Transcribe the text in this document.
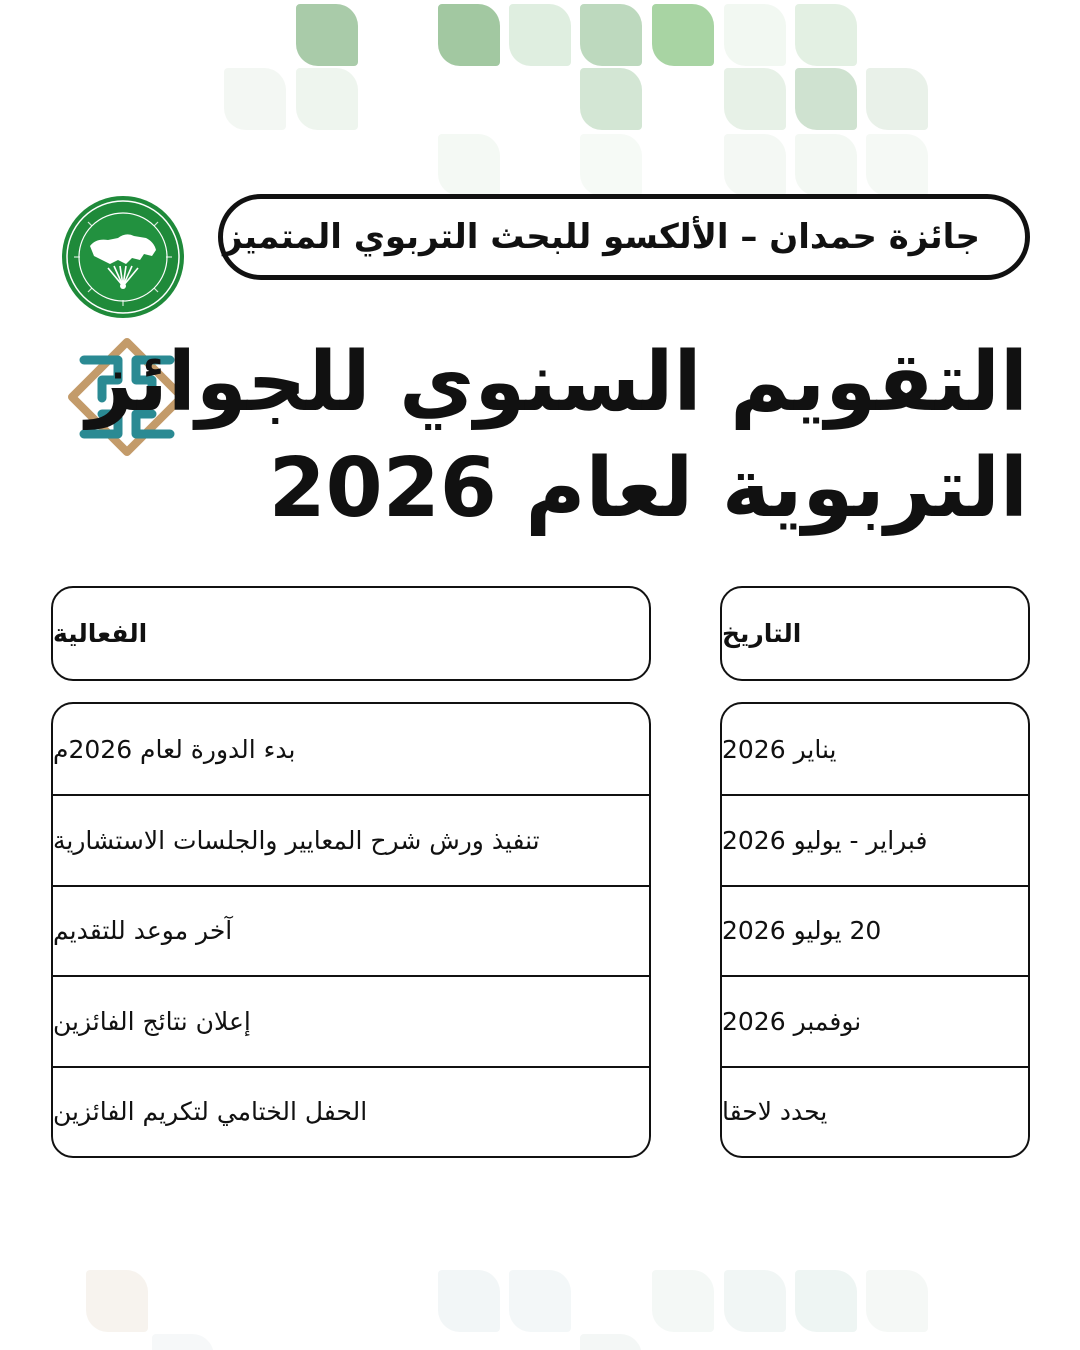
جائزة حمدان – الألكسو للبحث التربوي المتميز
التقويم السنوي للجوائز
التربوية لعام 2026
الفعالية	التاريخ
بدء الدورة لعام 2026م
تنفيذ ورش شرح المعايير والجلسات الاستشارية
آخر موعد للتقديم
إعلان نتائج الفائزين
الحفل الختامي لتكريم الفائزين
يناير 2026
فبراير - يوليو 2026
20 يوليو 2026
نوفمبر 2026
يحدد لاحقا
